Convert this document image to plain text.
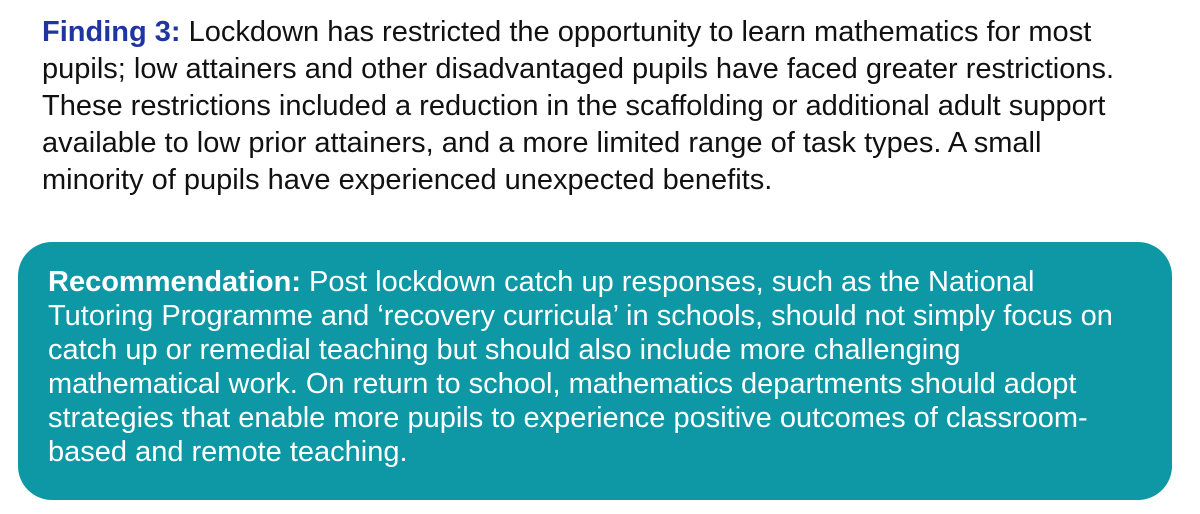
Finding 3: Lockdown has restricted the opportunity to learn mathematics for most
pupils; low attainers and other disadvantaged pupils have faced greater restrictions.
These restrictions included a reduction in the scaffolding or additional adult support
available to low prior attainers, and a more limited range of task types. A small
minority of pupils have experienced unexpected benefits.

Recommendation: Post lockdown catch up responses, such as the National
Tutoring Programme and ‘recovery curricula’ in schools, should not simply focus on
catch up or remedial teaching but should also include more challenging
mathematical work. On return to school, mathematics departments should adopt
strategies that enable more pupils to experience positive outcomes of classroom-
based and remote teaching.
